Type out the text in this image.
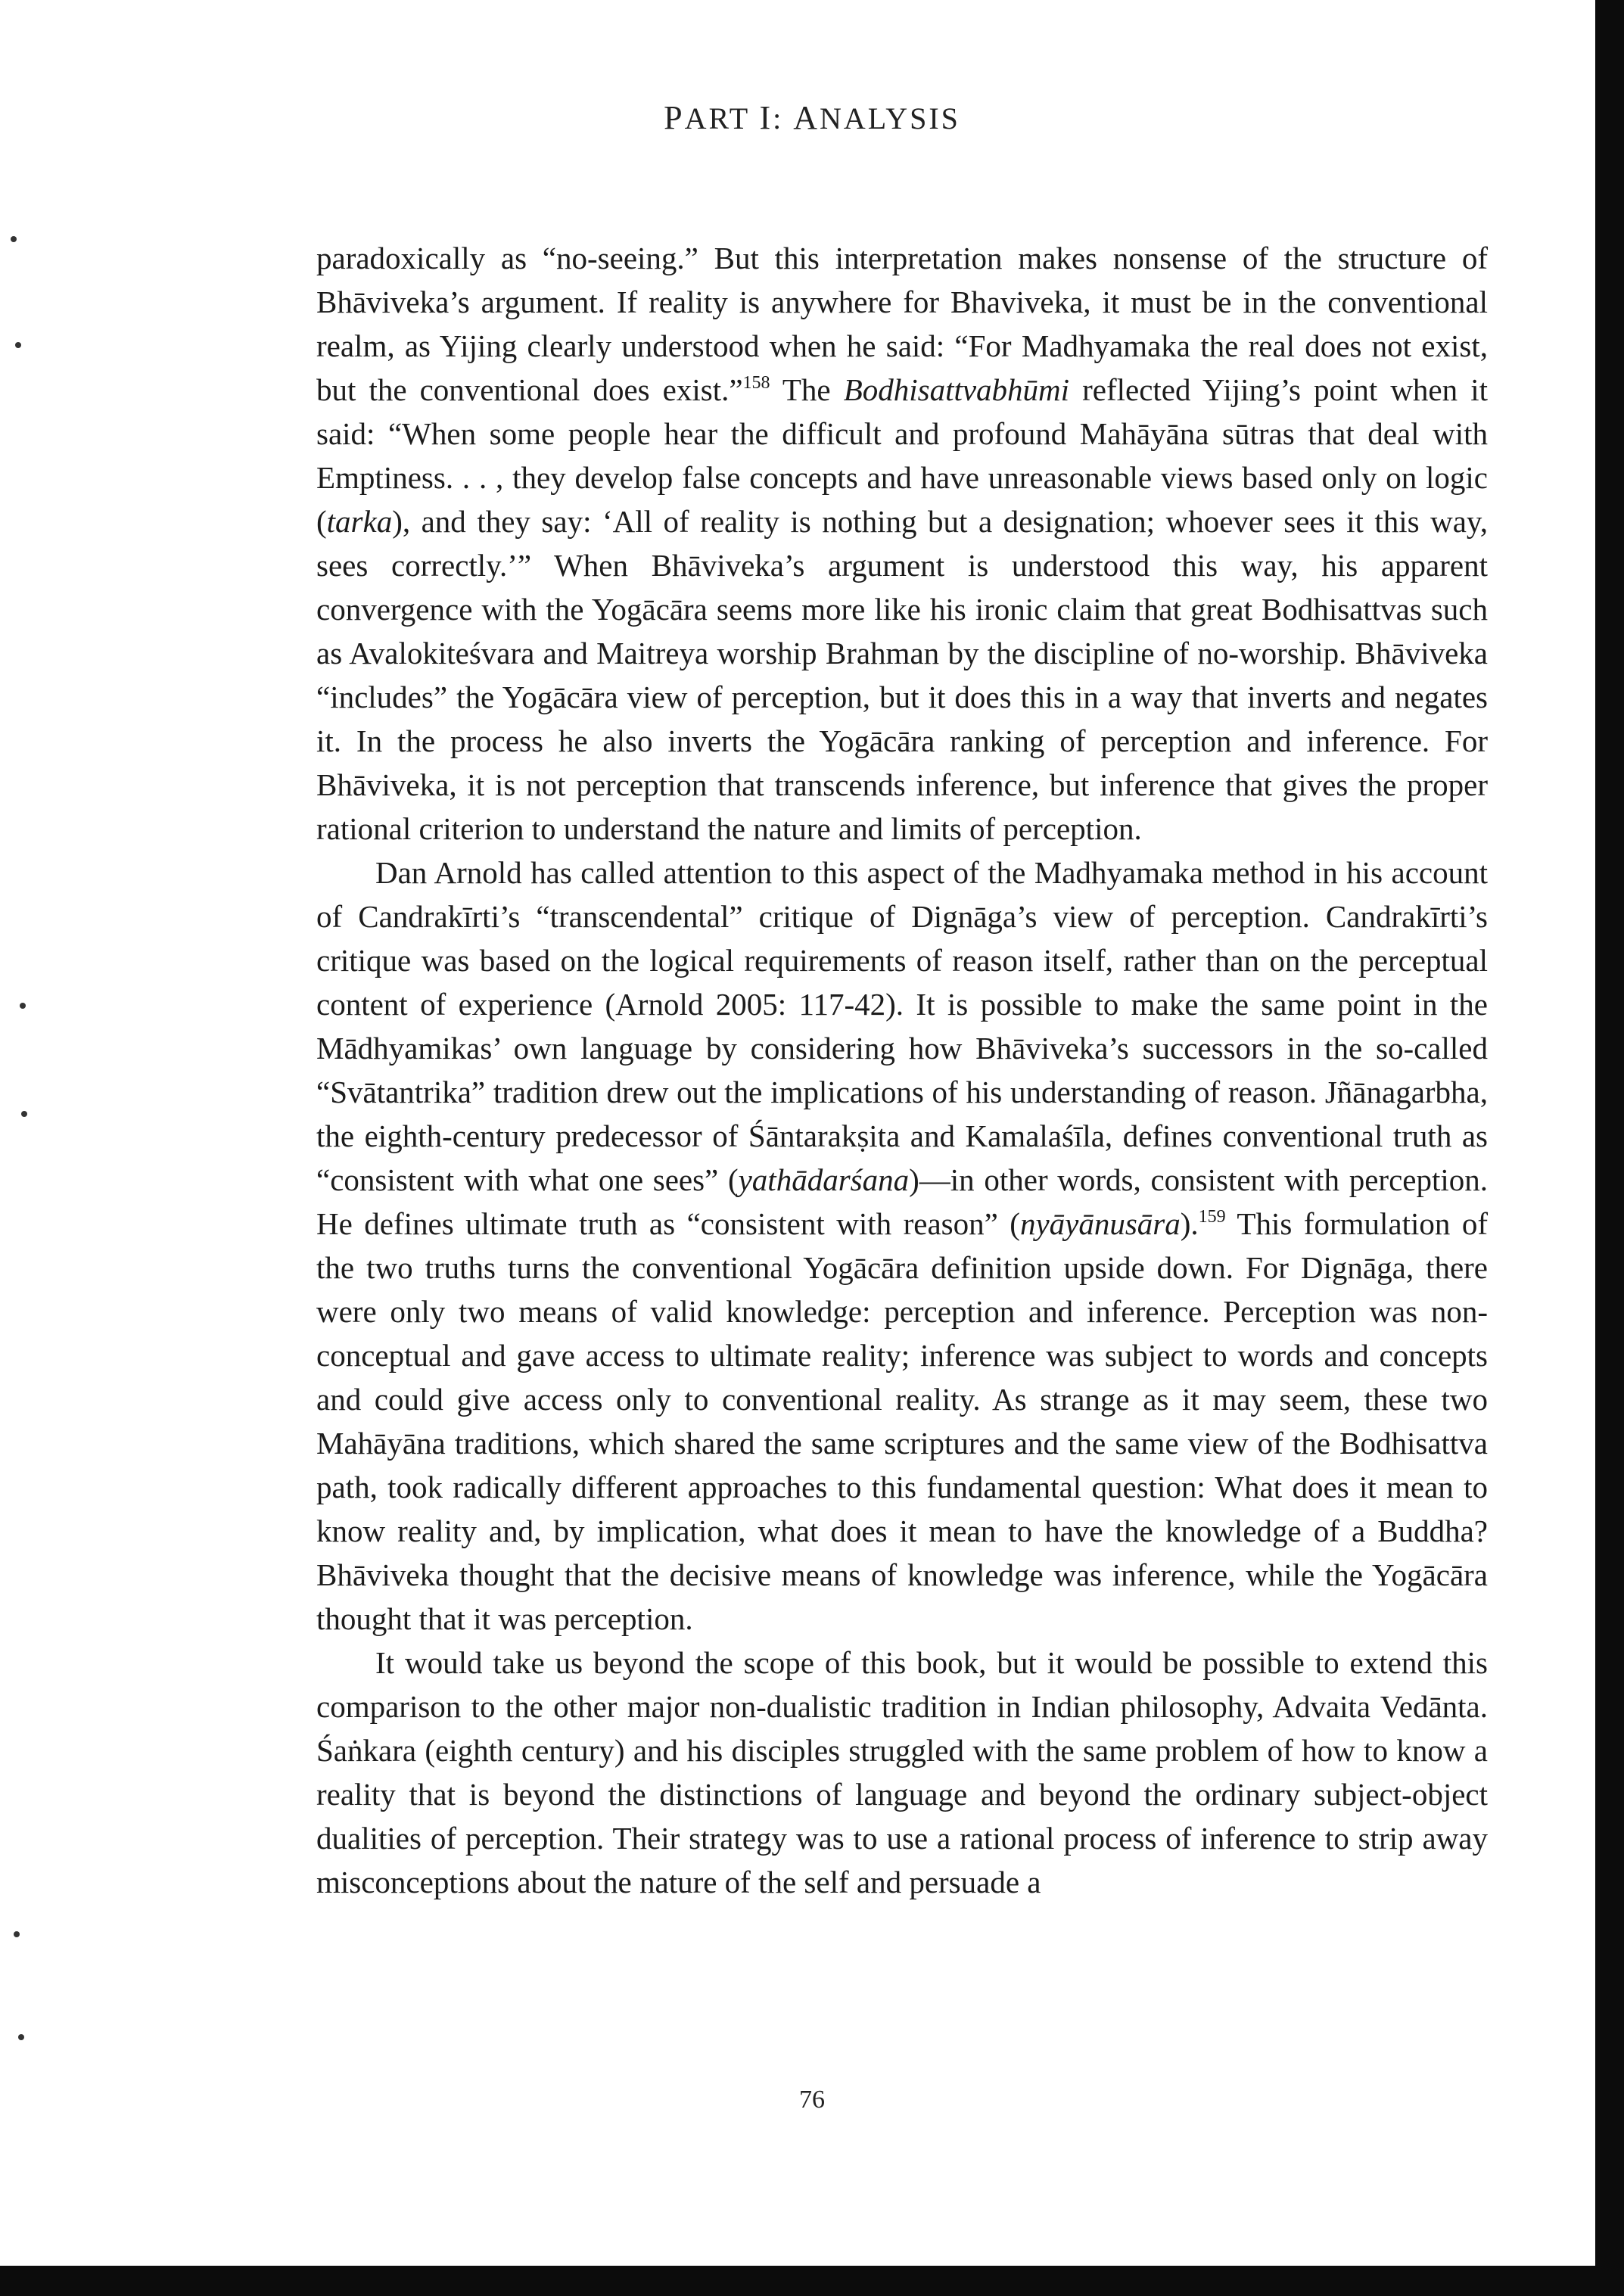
PART I: ANALYSIS

paradoxically as “no-seeing.” But this interpretation makes nonsense of the structure of Bhāviveka’s argument. If reality is anywhere for Bhaviveka, it must be in the conventional realm, as Yijing clearly understood when he said: “For Madhyamaka the real does not exist, but the conventional does exist.”$^{158}$ The Bodhisattvabhūmi reflected Yijing’s point when it said: “When some people hear the difficult and profound Mahāyāna sūtras that deal with Emptiness. . . , they develop false concepts and have unreasonable views based only on logic (tarka), and they say: ‘All of reality is nothing but a designation; whoever sees it this way, sees correctly.’” When Bhāviveka’s argument is understood this way, his apparent convergence with the Yogācāra seems more like his ironic claim that great Bodhisattvas such as Avalokiteśvara and Maitreya worship Brahman by the discipline of no-worship. Bhāviveka “includes” the Yogācāra view of perception, but it does this in a way that inverts and negates it. In the process he also inverts the Yogācāra ranking of perception and inference. For Bhāviveka, it is not perception that transcends inference, but inference that gives the proper rational criterion to understand the nature and limits of perception.

Dan Arnold has called attention to this aspect of the Madhyamaka method in his account of Candrakīrti’s “transcendental” critique of Dignāga’s view of perception. Candrakīrti’s critique was based on the logical requirements of reason itself, rather than on the perceptual content of experience (Arnold 2005: 117-42). It is possible to make the same point in the Mādhyamikas’ own language by considering how Bhāviveka’s successors in the so-called “Svātantrika” tradition drew out the implications of his understanding of reason. Jñānagarbha, the eighth-century predecessor of Śāntarakṣita and Kamalaśīla, defines conventional truth as “consistent with what one sees” (yathādarśana)—in other words, consistent with perception. He defines ultimate truth as “consistent with reason” (nyāyānusāra).$^{159}$ This formulation of the two truths turns the conventional Yogācāra definition upside down. For Dignāga, there were only two means of valid knowledge: perception and inference. Perception was non-conceptual and gave access to ultimate reality; inference was subject to words and concepts and could give access only to conventional reality. As strange as it may seem, these two Mahāyāna traditions, which shared the same scriptures and the same view of the Bodhisattva path, took radically different approaches to this fundamental question: What does it mean to know reality and, by implication, what does it mean to have the knowledge of a Buddha? Bhāviveka thought that the decisive means of knowledge was inference, while the Yogācāra thought that it was perception.

It would take us beyond the scope of this book, but it would be possible to extend this comparison to the other major non-dualistic tradition in Indian philosophy, Advaita Vedānta. Śaṅkara (eighth century) and his disciples struggled with the same problem of how to know a reality that is beyond the distinctions of language and beyond the ordinary subject-object dualities of perception. Their strategy was to use a rational process of inference to strip away misconceptions about the nature of the self and persuade a

76
